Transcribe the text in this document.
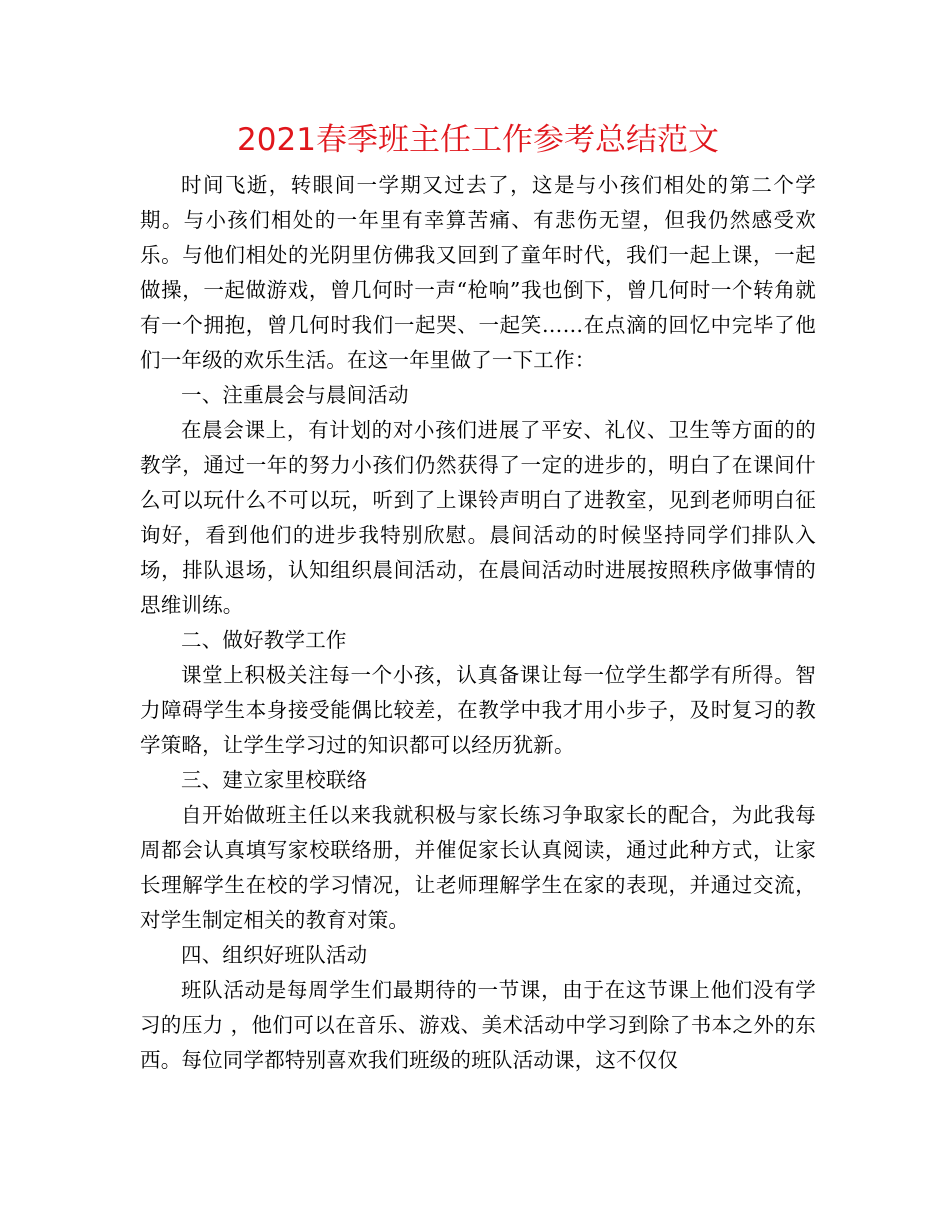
2021春季班主任工作参考总结范文

时间飞逝，转眼间一学期又过去了，这是与小孩们相处的第二个学期。与小孩们相处的一年里有幸算苦痛、有悲伤无望，但我仍然感受欢乐。与他们相处的光阴里仿佛我又回到了童年时代，我们一起上课，一起做操，一起做游戏，曾几何时一声“枪响”我也倒下，曾几何时一个转角就有一个拥抱，曾几何时我们一起哭、一起笑……在点滴的回忆中完毕了他们一年级的欢乐生活。在这一年里做了一下工作：

一、注重晨会与晨间活动

在晨会课上，有计划的对小孩们进展了平安、礼仪、卫生等方面的的教学，通过一年的努力小孩们仍然获得了一定的进步的，明白了在课间什么可以玩什么不可以玩，听到了上课铃声明白了进教室，见到老师明白征询好，看到他们的进步我特别欣慰。晨间活动的时候坚持同学们排队入场，排队退场，认知组织晨间活动，在晨间活动时进展按照秩序做事情的思维训练。

二、做好教学工作

课堂上积极关注每一个小孩，认真备课让每一位学生都学有所得。智力障碍学生本身接受能偶比较差，在教学中我才用小步子，及时复习的教学策略，让学生学习过的知识都可以经历犹新。

三、建立家里校联络

自开始做班主任以来我就积极与家长练习争取家长的配合，为此我每周都会认真填写家校联络册，并催促家长认真阅读，通过此种方式，让家长理解学生在校的学习情况，让老师理解学生在家的表现，并通过交流，对学生制定相关的教育对策。

四、组织好班队活动

班队活动是每周学生们最期待的一节课，由于在这节课上他们没有学习的压力 ，他们可以在音乐、游戏、美术活动中学习到除了书本之外的东西。每位同学都特别喜欢我们班级的班队活动课，这不仅仅
